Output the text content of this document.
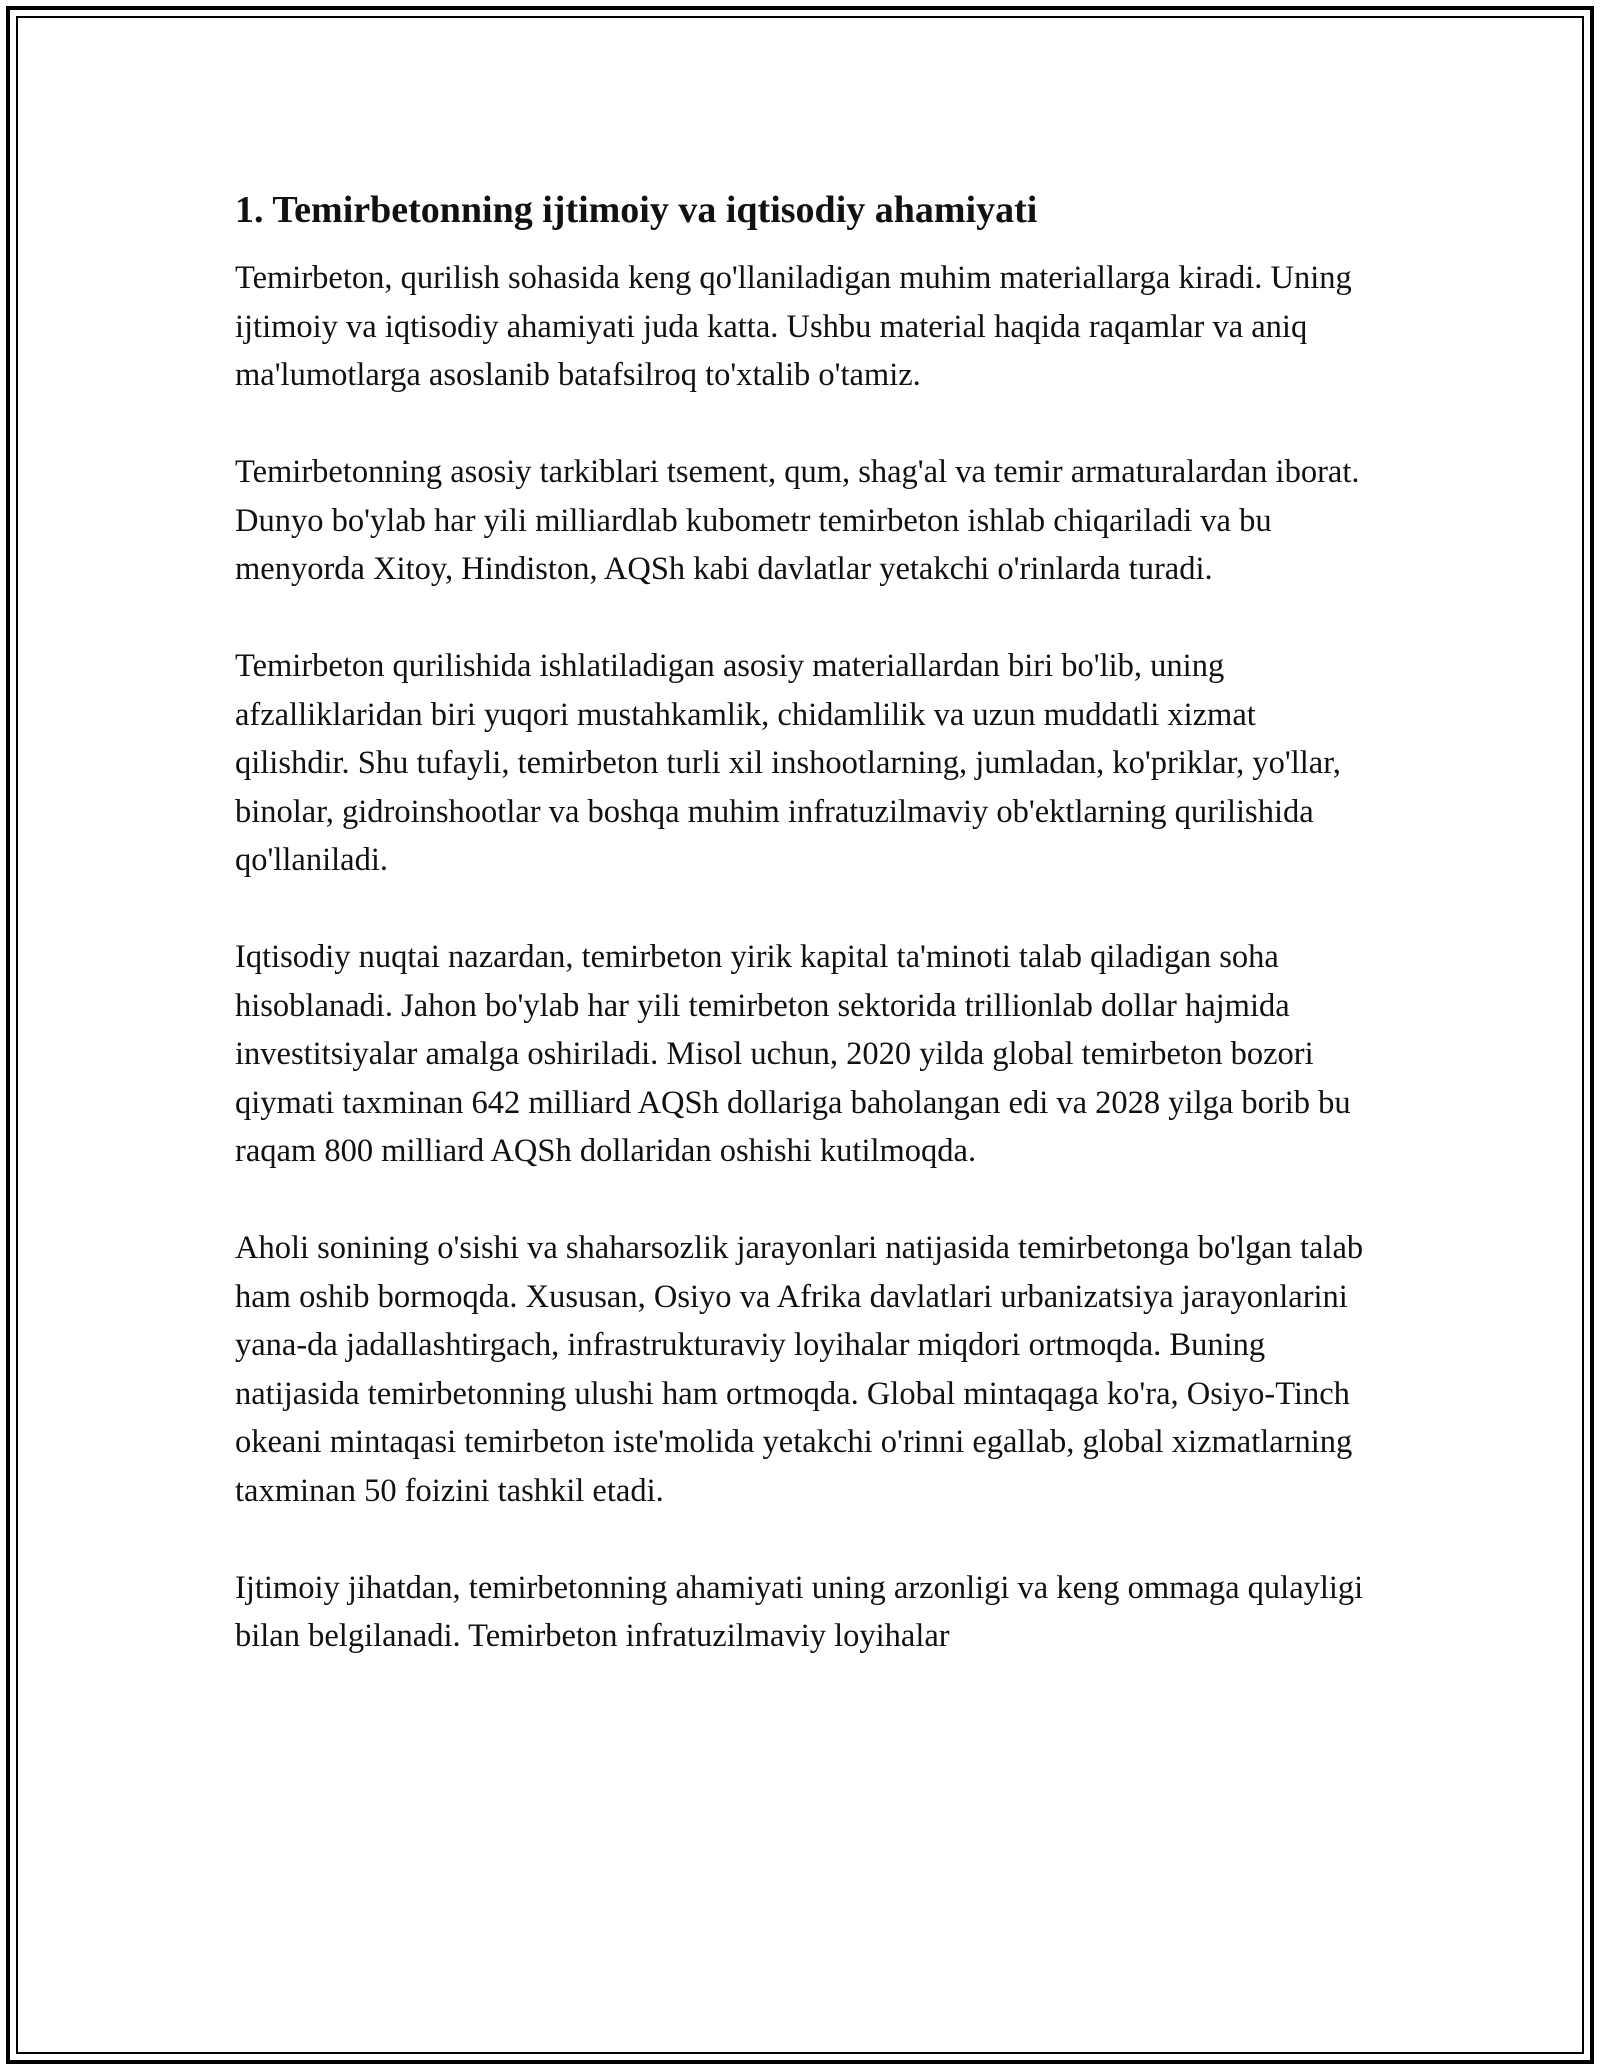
1. Temirbetonning ijtimoiy va iqtisodiy ahamiyati

Temirbeton, qurilish sohasida keng qo'llaniladigan muhim materiallarga kiradi. Uning ijtimoiy va iqtisodiy ahamiyati juda katta. Ushbu material haqida raqamlar va aniq ma'lumotlarga asoslanib batafsilroq to'xtalib o'tamiz.

Temirbetonning asosiy tarkiblari tsement, qum, shag'al va temir armaturalardan iborat. Dunyo bo'ylab har yili milliardlab kubometr temirbeton ishlab chiqariladi va bu menyorda Xitoy, Hindiston, AQSh kabi davlatlar yetakchi o'rinlarda turadi.

Temirbeton qurilishida ishlatiladigan asosiy materiallardan biri bo'lib, uning afzalliklaridan biri yuqori mustahkamlik, chidamlilik va uzun muddatli xizmat qilishdir. Shu tufayli, temirbeton turli xil inshootlarning, jumladan, ko'priklar, yo'llar, binolar, gidroinshootlar va boshqa muhim infratuzilmaviy ob'ektlarning qurilishida qo'llaniladi.

Iqtisodiy nuqtai nazardan, temirbeton yirik kapital ta'minoti talab qiladigan soha hisoblanadi. Jahon bo'ylab har yili temirbeton sektorida trillionlab dollar hajmida investitsiyalar amalga oshiriladi. Misol uchun, 2020 yilda global temirbeton bozori qiymati taxminan 642 milliard AQSh dollariga baholangan edi va 2028 yilga borib bu raqam 800 milliard AQSh dollaridan oshishi kutilmoqda.

Aholi sonining o'sishi va shaharsozlik jarayonlari natijasida temirbetonga bo'lgan talab ham oshib bormoqda. Xususan, Osiyo va Afrika davlatlari urbanizatsiya jarayonlarini yana-da jadallashtirgach, infrastrukturaviy loyihalar miqdori ortmoqda. Buning natijasida temirbetonning ulushi ham ortmoqda. Global mintaqaga ko'ra, Osiyo-Tinch okeani mintaqasi temirbeton iste'molida yetakchi o'rinni egallab, global xizmatlarning taxminan 50 foizini tashkil etadi.

Ijtimoiy jihatdan, temirbetonning ahamiyati uning arzonligi va keng ommaga qulayligi bilan belgilanadi. Temirbeton infratuzilmaviy loyihalar
